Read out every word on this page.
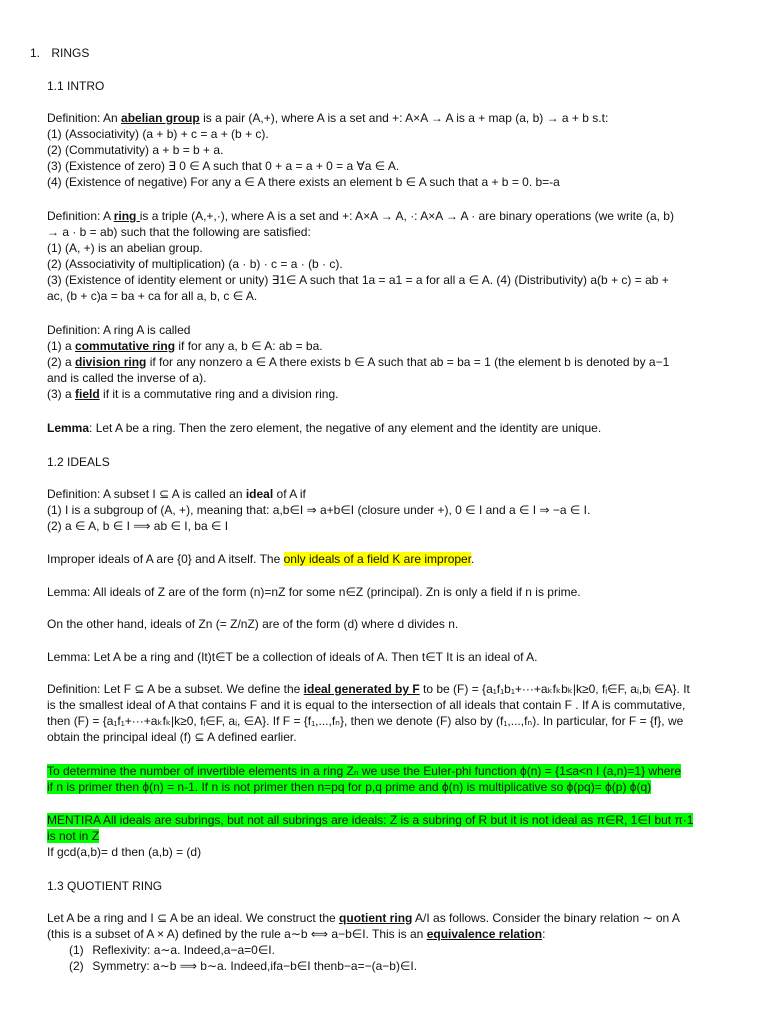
1. RINGS
1.1 INTRO
Definition: An abelian group is a pair (A,+), where A is a set and +: A×A → A is a + map (a, b) → a + b s.t:
(1) (Associativity) (a + b) + c = a + (b + c).
(2) (Commutativity) a + b = b + a.
(3) (Existence of zero) ∃ 0 ∈ A such that 0 + a = a + 0 = a ∀a ∈ A.
(4) (Existence of negative) For any a ∈ A there exists an element b ∈ A such that a + b = 0. b=-a
Definition: A ring is a triple (A,+,·), where A is a set and +: A×A → A, ·: A×A → A · are binary operations (we write (a, b)
→ a · b = ab) such that the following are satisfied:
(1) (A, +) is an abelian group.
(2) (Associativity of multiplication) (a · b) · c = a · (b · c).
(3) (Existence of identity element or unity) ∃1∈ A such that 1a = a1 = a for all a ∈ A. (4) (Distributivity) a(b + c) = ab +
ac, (b + c)a = ba + ca for all a, b, c ∈ A.
Definition: A ring A is called
(1) a commutative ring if for any a, b ∈ A: ab = ba.
(2) a division ring if for any nonzero a ∈ A there exists b ∈ A such that ab = ba = 1 (the element b is denoted by a−1
and is called the inverse of a).
(3) a field if it is a commutative ring and a division ring.
Lemma: Let A be a ring. Then the zero element, the negative of any element and the identity are unique.
1.2 IDEALS
Definition: A subset I ⊆ A is called an ideal of A if
(1) I is a subgroup of (A, +), meaning that: a,b∈I ⇒ a+b∈I (closure under +), 0 ∈ I and a ∈ I ⇒ −a ∈ I.
(2) a ∈ A, b ∈ I ⟹ ab ∈ I, ba ∈ I
Improper ideals of A are {0} and A itself. The only ideals of a field K are improper.
Lemma: All ideals of Z are of the form (n)=nZ for some n∈Z (principal). Zn is only a field if n is prime.
On the other hand, ideals of Zn (= Z/nZ) are of the form (d) where d divides n.
Lemma: Let A be a ring and (It)t∈T be a collection of ideals of A. Then t∈T It is an ideal of A.
Definition: Let F ⊆ A be a subset. We define the ideal generated by F to be (F) = {a₁f₁b₁+···+aₖfₖbₖ|k≥0, fᵢ∈F, aᵢ,bᵢ ∈A}. It
is the smallest ideal of A that contains F and it is equal to the intersection of all ideals that contain F . If A is commutative,
then (F) = {a₁f₁+···+aₖfₖ|k≥0, fᵢ∈F, aᵢ, ∈A}. If F = {f₁,...,fₙ}, then we denote (F) also by (f₁,...,fₙ). In particular, for F = {f}, we
obtain the principal ideal (f) ⊆ A defined earlier.
To determine the number of invertible elements in a ring Zₙ we use the Euler-phi function ϕ(n) = {1≤a<n I (a,n)=1} where
if n is primer then ϕ(n) = n-1. If n is not primer then n=pq for p,q prime and ϕ(n) is multiplicative so ϕ(pq)= ϕ(p) ϕ(q)
MENTIRA All ideals are subrings, but not all subrings are ideals: Z is a subring of R but it is not ideal as π∈R, 1∈I but π·1
is not in Z
If gcd(a,b)= d then (a,b) = (d)
1.3 QUOTIENT RING
Let A be a ring and I ⊆ A be an ideal. We construct the quotient ring A/I as follows. Consider the binary relation ∼ on A
(this is a subset of A × A) defined by the rule a∼b ⟺ a−b∈I. This is an equivalence relation:
(1) Reflexivity: a∼a. Indeed,a−a=0∈I.
(2) Symmetry: a∼b ⟹ b∼a. Indeed,ifa−b∈I thenb−a=−(a−b)∈I.
